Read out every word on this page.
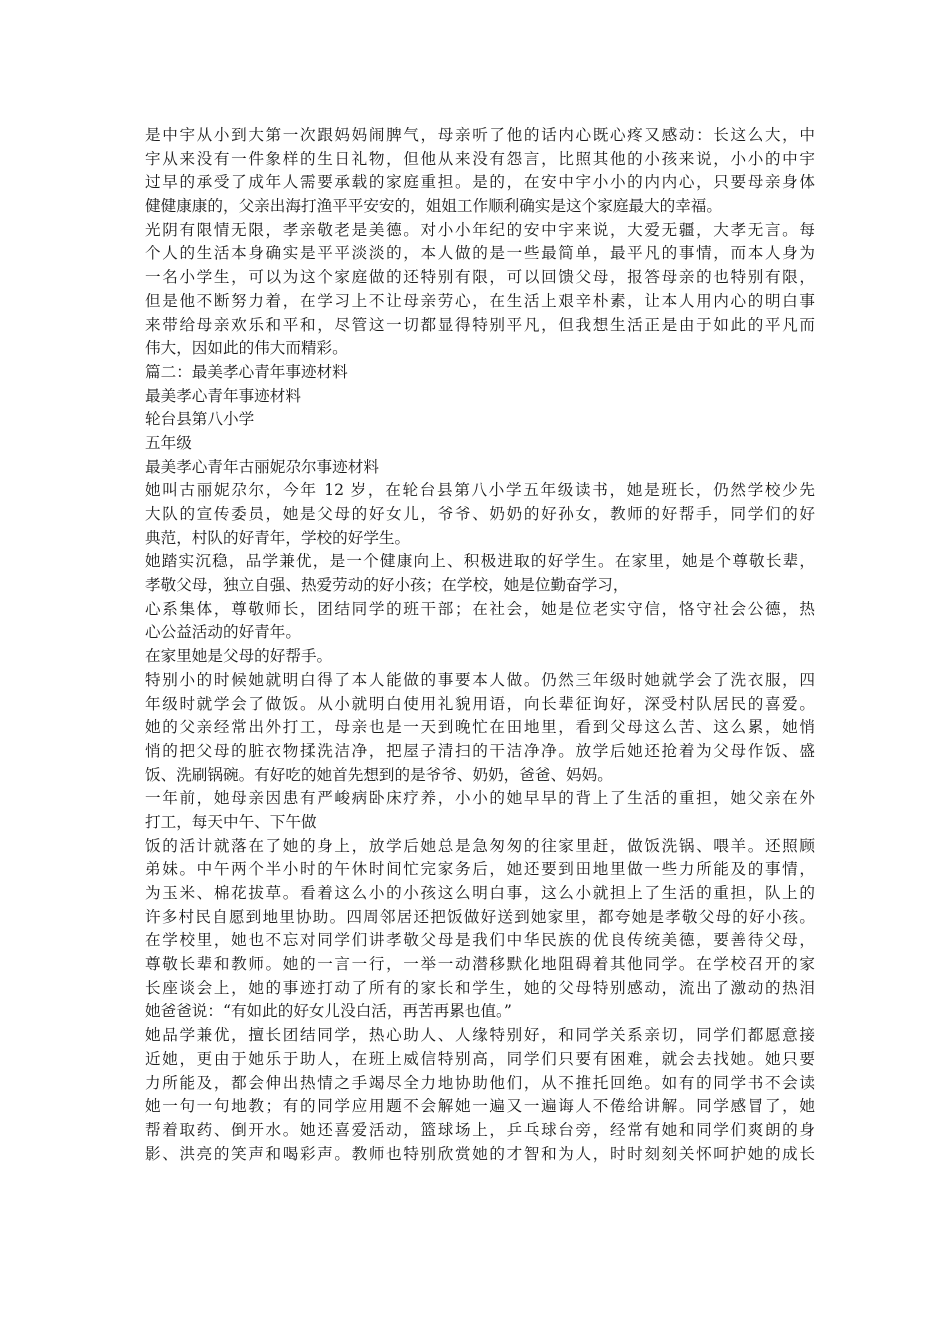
是中宇从小到大第一次跟妈妈闹脾气，母亲听了他的话内心既心疼又感动：长这么大，中
宇从来没有一件象样的生日礼物，但他从来没有怨言，比照其他的小孩来说，小小的中宇
过早的承受了成年人需要承载的家庭重担。是的，在安中宇小小的内内心，只要母亲身体
健健康康的，父亲出海打渔平平安安的，姐姐工作顺利确实是这个家庭最大的幸福。
光阴有限情无限，孝亲敬老是美德。对小小年纪的安中宇来说，大爱无疆，大孝无言。每
个人的生活本身确实是平平淡淡的，本人做的是一些最简单，最平凡的事情，而本人身为
一名小学生，可以为这个家庭做的还特别有限，可以回馈父母，报答母亲的也特别有限，
但是他不断努力着，在学习上不让母亲劳心，在生活上艰辛朴素，让本人用内心的明白事
来带给母亲欢乐和平和，尽管这一切都显得特别平凡，但我想生活正是由于如此的平凡而
伟大，因如此的伟大而精彩。
篇二：最美孝心青年事迹材料
最美孝心青年事迹材料
轮台县第八小学
五年级
最美孝心青年古丽妮尕尔事迹材料
她叫古丽妮尕尔，今年 12 岁，在轮台县第八小学五年级读书，她是班长，仍然学校少先
大队的宣传委员，她是父母的好女儿，爷爷、奶奶的好孙女，教师的好帮手，同学们的好
典范，村队的好青年，学校的好学生。
她踏实沉稳，品学兼优，是一个健康向上、积极进取的好学生。在家里，她是个尊敬长辈，
孝敬父母，独立自强、热爱劳动的好小孩；在学校，她是位勤奋学习，
心系集体，尊敬师长，团结同学的班干部；在社会，她是位老实守信，恪守社会公德，热
心公益活动的好青年。
在家里她是父母的好帮手。
特别小的时候她就明白得了本人能做的事要本人做。仍然三年级时她就学会了洗衣服，四
年级时就学会了做饭。从小就明白使用礼貌用语，向长辈征询好，深受村队居民的喜爱。
她的父亲经常出外打工，母亲也是一天到晚忙在田地里，看到父母这么苦、这么累，她悄
悄的把父母的脏衣物揉洗洁净，把屋子清扫的干洁净净。放学后她还抢着为父母作饭、盛
饭、洗刷锅碗。有好吃的她首先想到的是爷爷、奶奶，爸爸、妈妈。
一年前，她母亲因患有严峻病卧床疗养，小小的她早早的背上了生活的重担，她父亲在外
打工，每天中午、下午做
饭的活计就落在了她的身上，放学后她总是急匆匆的往家里赶，做饭洗锅、喂羊。还照顾
弟妹。中午两个半小时的午休时间忙完家务后，她还要到田地里做一些力所能及的事情，
为玉米、棉花拔草。看着这么小的小孩这么明白事，这么小就担上了生活的重担，队上的
许多村民自愿到地里协助。四周邻居还把饭做好送到她家里，都夸她是孝敬父母的好小孩。
在学校里，她也不忘对同学们讲孝敬父母是我们中华民族的优良传统美德，要善待父母，
尊敬长辈和教师。她的一言一行，一举一动潜移默化地阻碍着其他同学。在学校召开的家
长座谈会上，她的事迹打动了所有的家长和学生，她的父母特别感动，流出了激动的热泪
她爸爸说：“有如此的好女儿没白活，再苦再累也值。”
她品学兼优，擅长团结同学，热心助人、人缘特别好，和同学关系亲切，同学们都愿意接
近她，更由于她乐于助人，在班上威信特别高，同学们只要有困难，就会去找她。她只要
力所能及，都会伸出热情之手竭尽全力地协助他们，从不推托回绝。如有的同学书不会读
她一句一句地教；有的同学应用题不会解她一遍又一遍诲人不倦给讲解。同学感冒了，她
帮着取药、倒开水。她还喜爱活动，篮球场上，乒乓球台旁，经常有她和同学们爽朗的身
影、洪亮的笑声和喝彩声。教师也特别欣赏她的才智和为人，时时刻刻关怀呵护她的成长
